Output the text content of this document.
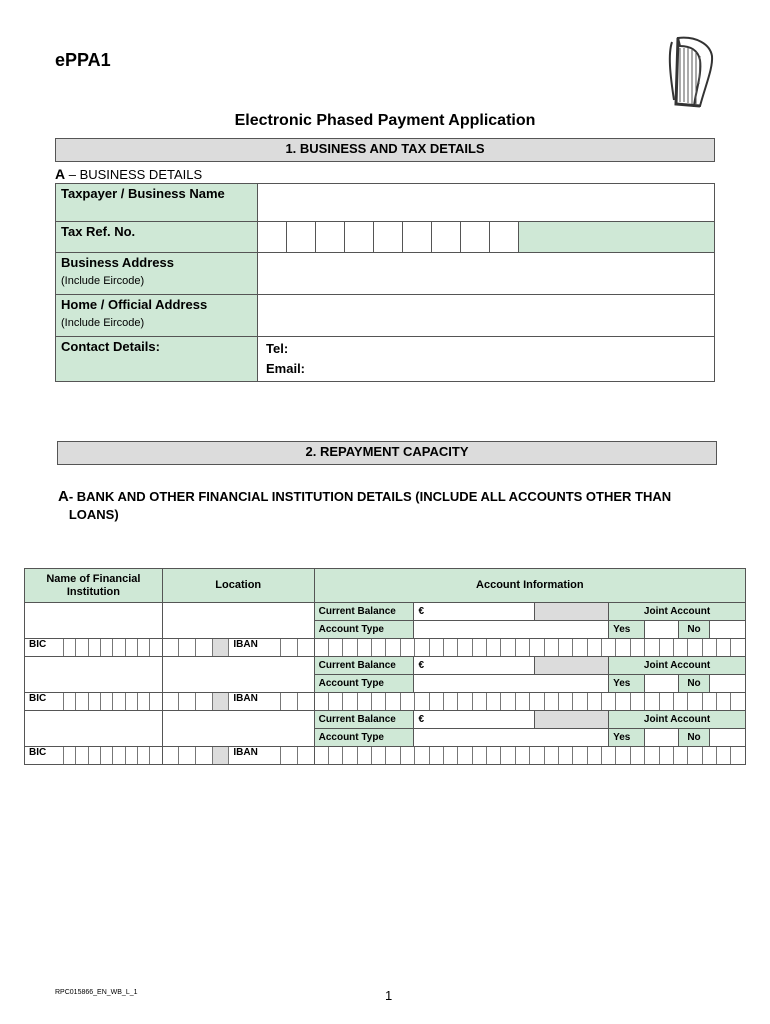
ePPA1
Electronic Phased Payment Application
1. BUSINESS AND TAX DETAILS
A – BUSINESS DETAILS
Taxpayer / Business Name	
Tax Ref. No.	

Business Address
(Include Eircode)	

Home / Official Address
(Include Eircode)	

Contact Details:	Tel:
Email:
2. REPAYMENT CAPACITY
A- BANK AND OTHER FINANCIAL INSTITUTION DETAILS (INCLUDE ALL ACCOUNTS OTHER THAN LOANS)
Name of Financial Institution	Location	Account Information						
		Current Balance	€		Joint Account			
		Account Type			Yes		No	

BIC	IBAN							

		Current Balance	€		Joint Account			
		Account Type			Yes		No	

BIC	IBAN							

		Current Balance	€		Joint Account			
		Account Type			Yes		No	

BIC	IBAN							

RPC015866_EN_WB_L_1	1
